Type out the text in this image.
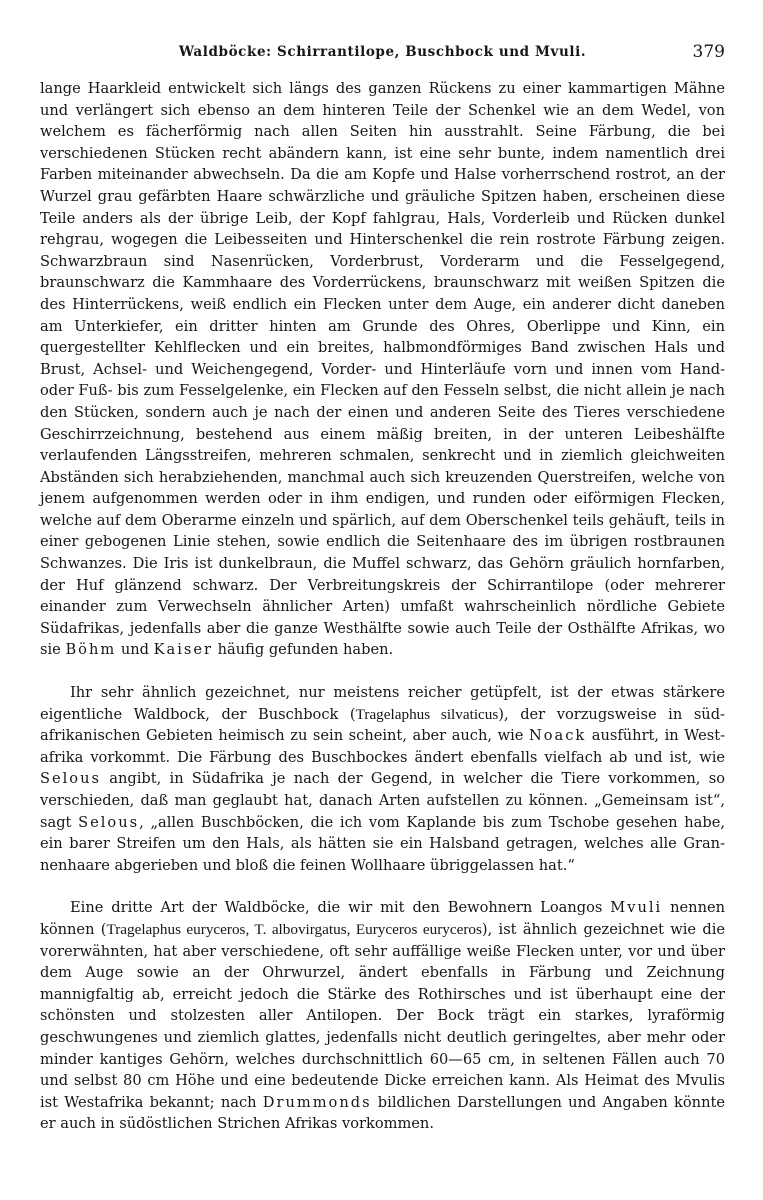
Waldböcke: Schirrantilope, Buschbock und Mvuli.	379

lange Haarkleid entwickelt sich längs des ganzen Rückens zu einer kammartigen Mähne und verlängert sich ebenso an dem hinteren Teile der Schenkel wie an dem Wedel, von welchem es fächerförmig nach allen Seiten hin ausstrahlt. Seine Färbung, die bei verschiedenen Stücken recht abändern kann, ist eine sehr bunte, indem namentlich drei Farben miteinander abwechseln. Da die am Kopfe und Halse vorherrschend rostrot, an der Wurzel grau gefärbten Haare schwärzliche und gräuliche Spitzen haben, erscheinen diese Teile anders als der übrige Leib, der Kopf fahlgrau, Hals, Vorderleib und Rücken dunkel rehgrau, wogegen die Leibesseiten und Hinterschenkel die rein rostrote Färbung zeigen. Schwarzbraun sind Nasenrücken, Vorderbrust, Vorderarm und die Fesselgegend, braunschwarz die Kammhaare des Vorderrückens, braunschwarz mit weißen Spitzen die des Hinterrückens, weiß endlich ein Flecken unter dem Auge, ein anderer dicht daneben am Unterkiefer, ein dritter hinten am Grunde des Ohres, Oberlippe und Kinn, ein quergestellter Kehlflecken und ein breites, halbmondförmiges Band zwischen Hals und Brust, Achsel- und Weichengegend, Vorder- und Hinterläufe vorn und innen vom Hand- oder Fuß- bis zum Fesselgelenke, ein Flecken auf den Fesseln selbst, die nicht allein je nach den Stücken, sondern auch je nach der einen und anderen Seite des Tieres verschiedene Geschirrzeichnung, bestehend aus einem mäßig breiten, in der unteren Leibeshälfte verlaufenden Längsstreifen, mehreren schmalen, senkrecht und in ziemlich gleichweiten Abständen sich herabziehenden, manchmal auch sich kreuzenden Querstreifen, welche von jenem aufgenommen werden oder in ihm endigen, und runden oder eiförmigen Flecken, welche auf dem Oberarme einzeln und spärlich, auf dem Oberschenkel teils gehäuft, teils in einer gebogenen Linie stehen, sowie endlich die Seitenhaare des im übrigen rostbraunen Schwanzes. Die Iris ist dunkelbraun, die Muffel schwarz, das Gehörn gräulich hornfarben, der Huf glänzend schwarz. Der Verbreitungskreis der Schirrantilope (oder mehrerer einander zum Verwechseln ähnlicher Arten) umfaßt wahrscheinlich nördliche Gebiete Südafrikas, jedenfalls aber die ganze Westhälfte sowie auch Teile der Osthälfte Afrikas, wo sie Böhm und Kaiser häufig gefunden haben.

Ihr sehr ähnlich gezeichnet, nur meistens reicher getüpfelt, ist der etwas stärkere eigentliche Waldbock, der Buschbock (Tragelaphus silvaticus), der vorzugsweise in südafrikanischen Gebieten heimisch zu sein scheint, aber auch, wie Noack ausführt, in Westafrika vorkommt. Die Färbung des Buschbockes ändert ebenfalls vielfach ab und ist, wie Selous angibt, in Südafrika je nach der Gegend, in welcher die Tiere vorkommen, so verschieden, daß man geglaubt hat, danach Arten aufstellen zu können. „Gemeinsam ist“, sagt Selous, „allen Buschböcken, die ich vom Kaplande bis zum Tschobe gesehen habe, ein barer Streifen um den Hals, als hätten sie ein Halsband getragen, welches alle Grannenhaare abgerieben und bloß die feinen Wollhaare übriggelassen hat.“

Eine dritte Art der Waldböcke, die wir mit den Bewohnern Loangos Mvuli nennen können (Tragelaphus euryceros, T. albovirgatus, Euryceros euryceros), ist ähnlich gezeichnet wie die vorerwähnten, hat aber verschiedene, oft sehr auffällige weiße Flecken unter, vor und über dem Auge sowie an der Ohrwurzel, ändert ebenfalls in Färbung und Zeichnung mannigfaltig ab, erreicht jedoch die Stärke des Rothirsches und ist überhaupt eine der schönsten und stolzesten aller Antilopen. Der Bock trägt ein starkes, lyraförmig geschwungenes und ziemlich glattes, jedenfalls nicht deutlich geringeltes, aber mehr oder minder kantiges Gehörn, welches durchschnittlich 60—65 cm, in seltenen Fällen auch 70 und selbst 80 cm Höhe und eine bedeutende Dicke erreichen kann. Als Heimat des Mvulis ist Westafrika bekannt; nach Drummonds bildlichen Darstellungen und Angaben könnte er auch in südöstlichen Strichen Afrikas vorkommen.
